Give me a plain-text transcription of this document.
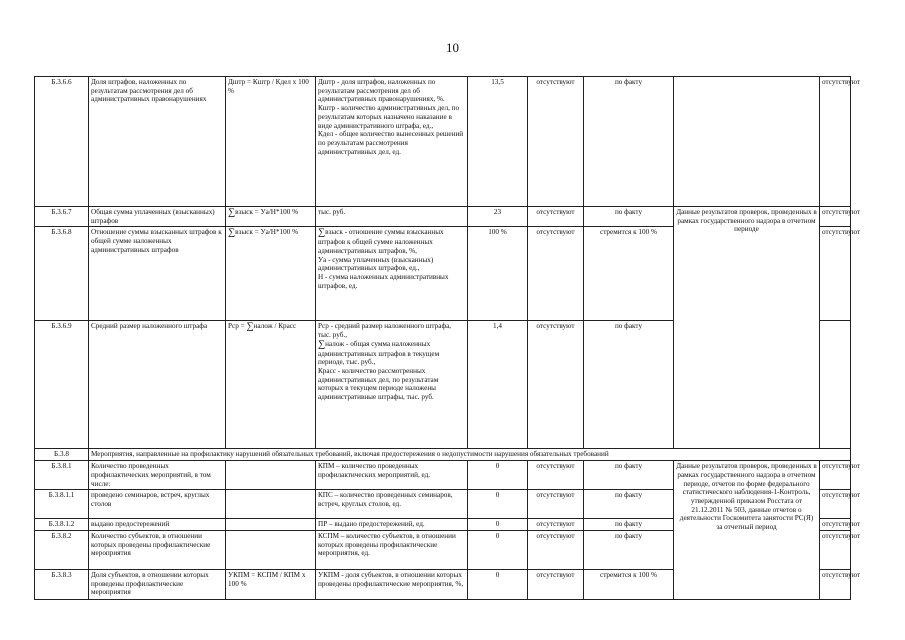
10
Б.3.6.6	Доля штрафов, наложенных по результатам рассмотрения дел об административных правонарушениях	Дштр = Кштр / Кдел х 100 %	Дштр - доля штрафов, наложенных по результатам рассмотрения дел об административных правонарушениях, %.
Кштр - количество административных дел, по результатам которых назначено наказание в виде административного штрафа, ед.,
Кдел - общее количество вынесенных решений по результатам рассмотрения административных дел, ед.	13,5	отсутствуют	по факту		отсутствуют	
Б.3.6.7	Общая сумма уплаченных (взысканных) штрафов	∑взыск = Уа/Н*100 %	тыс. руб.	23	отсутствуют	по факту	Данные результатов проверок, проведенных в рамках государственного надзора в отчетном периоде	отсутствуют	
Б.3.6.8	Отношение суммы взысканных штрафов к общей сумме наложенных административных штрафов	∑взыск = Уа/Н*100 %	∑взыск - отношение суммы взысканных штрафов к общей сумме наложенных административных штрафов, %,
Уа - сумма уплаченных (взысканных) административных штрафов, ед.,
Н - сумма наложенных административных штрафов, ед.	100 %	отсутствуют	стремится к 100 %		отсутствуют	
Б.3.6.9	Средний размер наложенного штрафа	Рср = ∑налож / Красс	Рср - средний размер наложенного штрафа, тыс. руб.,
∑налож - общая сумма наложенных административных штрафов в текущем периоде, тыс. руб.,
Красс - количество рассмотренных административных дел, по результатам которых в текущем периоде наложены административные штрафы, тыс. руб.	1,4	отсутствуют	по факту		
Б.3.8	Мероприятия, направленные на профилактику нарушений обязательных требований, включая предостережения о недопустимости нарушения обязательных требований								
Б.3.8.1	Количество проведенных профилактических мероприятий, в том числе:		КПМ – количество проведенных профилактических мероприятий, ед.	0	отсутствуют	по факту	Данные результатов проверок, проведенных в рамках государственного надзора в отчетном периоде, отчетов по форме федерального статистического наблюдения-1-Контроль, утвержденной приказом Росстата от 21.12.2011 № 503, данные отчетов о деятельности Госкомитета занятости РС(Я) за отчетный период	отсутствуют	
Б.3.8.1.1	проведено семинаров, встреч, круглых столов		КПС – количество проведенных семинаров, встреч, круглых столов, ед.	0	отсутствуют	по факту		отсутствуют	
Б.3.8.1.2	выдано предостережений		ПР – выдано предостережений, ед.	0	отсутствуют	по факту		отсутствуют	
Б.3.8.2	Количество субъектов, в отношении которых проведены профилактические мероприятия		КСПМ – количество субъектов, в отношении которых проведены профилактические мероприятия, ед.	0	отсутствуют	по факту		отсутствуют	
Б.3.8.3	Доля субъектов, в отношении которых проведены профилактические мероприятия	УКПМ = КСПМ / КПМ х 100 %	УКПМ - доля субъектов, в отношении которых проведены профилактические мероприятия, %,	0	отсутствуют	стремится к 100 %		отсутствуют	
